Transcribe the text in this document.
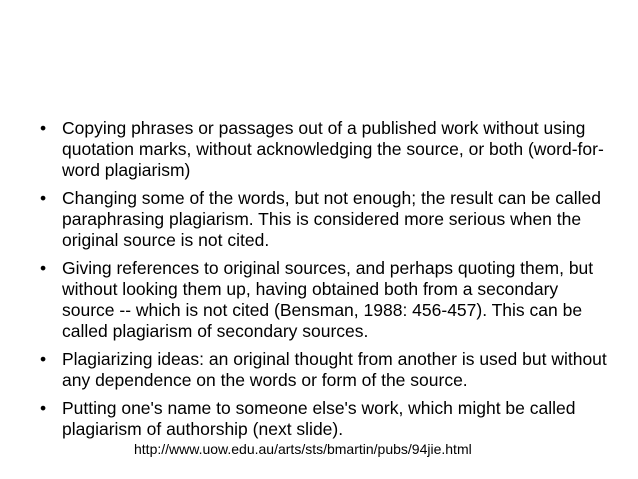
• Copying phrases or passages out of a published work without using quotation marks, without acknowledging the source, or both (word-for-word plagiarism)
• Changing some of the words, but not enough; the result can be called paraphrasing plagiarism. This is considered more serious when the original source is not cited.
• Giving references to original sources, and perhaps quoting them, but without looking them up, having obtained both from a secondary source -- which is not cited (Bensman, 1988: 456-457). This can be called plagiarism of secondary sources.
• Plagiarizing ideas: an original thought from another is used but without any dependence on the words or form of the source.
• Putting one's name to someone else's work, which might be called plagiarism of authorship (next slide).
http://www.uow.edu.au/arts/sts/bmartin/pubs/94jie.html
